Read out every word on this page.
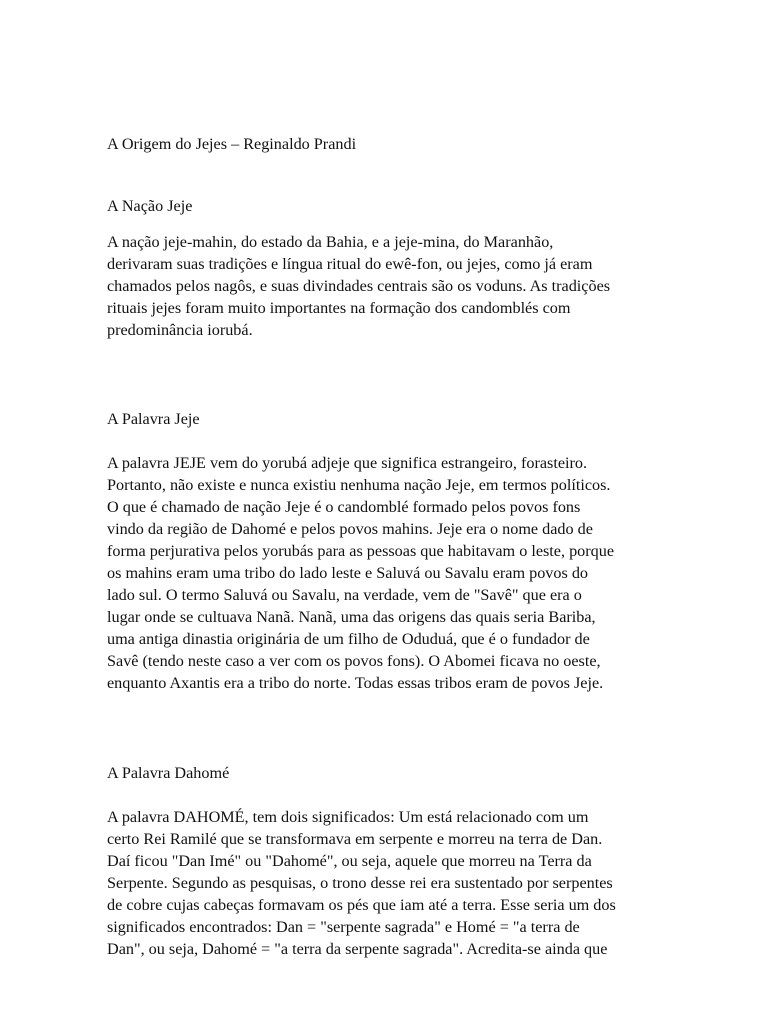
A Origem do Jejes – Reginaldo Prandi
A Nação Jeje
A nação jeje-mahin, do estado da Bahia, e a jeje-mina, do Maranhão,
derivaram suas tradições e língua ritual do ewê-fon, ou jejes, como já eram
chamados pelos nagôs, e suas divindades centrais são os voduns. As tradições
rituais jejes foram muito importantes na formação dos candomblés com
predominância iorubá.
A Palavra Jeje
A palavra JEJE vem do yorubá adjeje que significa estrangeiro, forasteiro.
Portanto, não existe e nunca existiu nenhuma nação Jeje, em termos políticos.
O que é chamado de nação Jeje é o candomblé formado pelos povos fons
vindo da região de Dahomé e pelos povos mahins. Jeje era o nome dado de
forma perjurativa pelos yorubás para as pessoas que habitavam o leste, porque
os mahins eram uma tribo do lado leste e Saluvá ou Savalu eram povos do
lado sul. O termo Saluvá ou Savalu, na verdade, vem de "Savê" que era o
lugar onde se cultuava Nanã. Nanã, uma das origens das quais seria Bariba,
uma antiga dinastia originária de um filho de Oduduá, que é o fundador de
Savê (tendo neste caso a ver com os povos fons). O Abomei ficava no oeste,
enquanto Axantis era a tribo do norte. Todas essas tribos eram de povos Jeje.
A Palavra Dahomé
A palavra DAHOMÉ, tem dois significados: Um está relacionado com um
certo Rei Ramilé que se transformava em serpente e morreu na terra de Dan.
Daí ficou "Dan Imé" ou "Dahomé", ou seja, aquele que morreu na Terra da
Serpente. Segundo as pesquisas, o trono desse rei era sustentado por serpentes
de cobre cujas cabeças formavam os pés que iam até a terra. Esse seria um dos
significados encontrados: Dan = "serpente sagrada" e Homé = "a terra de
Dan", ou seja, Dahomé = "a terra da serpente sagrada". Acredita-se ainda que
